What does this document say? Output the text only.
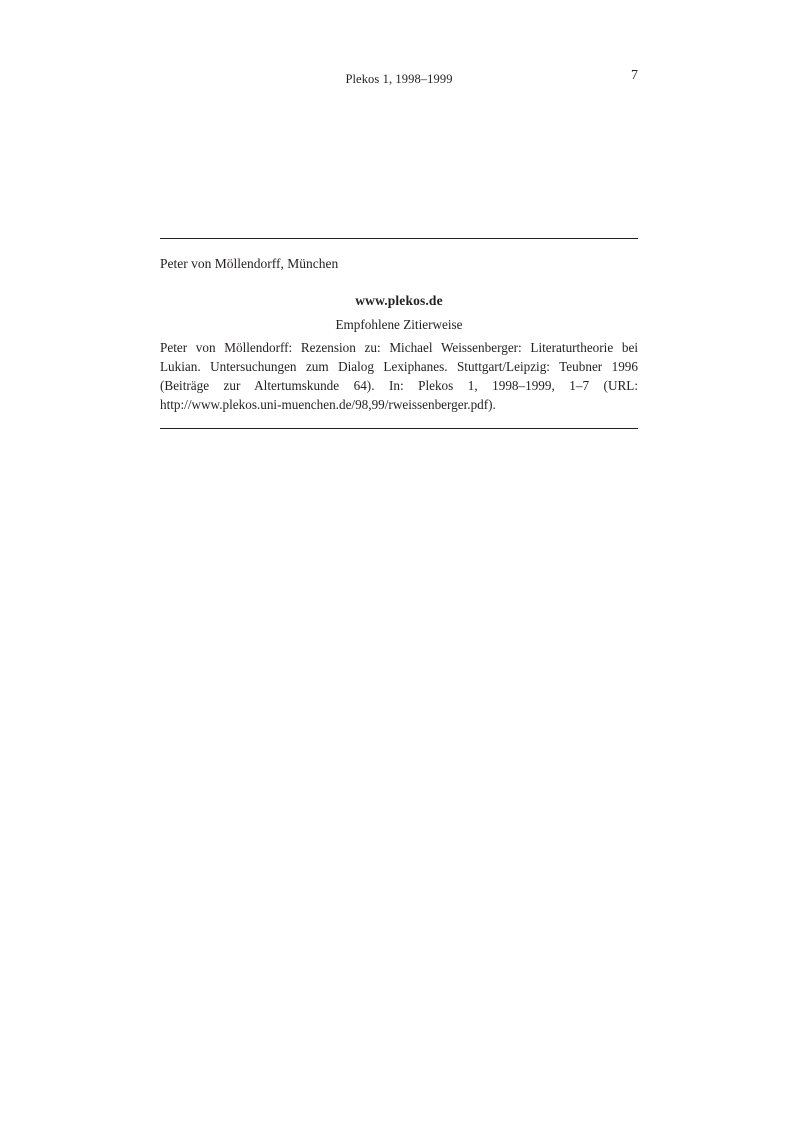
Plekos 1, 1998–1999	7
Peter von Möllendorff, München
www.plekos.de
Empfohlene Zitierweise
Peter von Möllendorff: Rezension zu: Michael Weissenberger: Literaturtheorie bei Lukian. Untersuchungen zum Dialog Lexiphanes. Stuttgart/Leipzig: Teubner 1996 (Beiträge zur Altertumskunde 64). In: Plekos 1, 1998–1999, 1–7 (URL: http://www.plekos.uni-muenchen.de/98,99/rweissenberger.pdf).
